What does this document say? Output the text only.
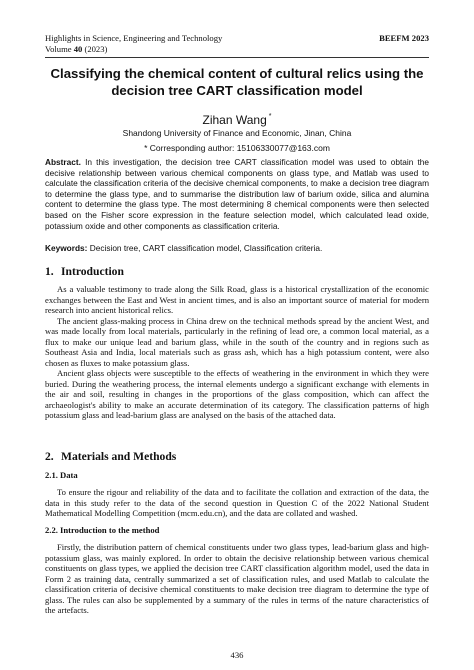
Highlights in Science, Engineering and Technology	BEEFM 2023
Volume 40 (2023)
Classifying the chemical content of cultural relics using the
decision tree CART classification model
Zihan Wang *
Shandong University of Finance and Economic, Jinan, China
* Corresponding author: 15106330077@163.com
Abstract. In this investigation, the decision tree CART classification model was used to obtain the decisive relationship between various chemical components on glass type, and Matlab was used to calculate the classification criteria of the decisive chemical components, to make a decision tree diagram to determine the glass type, and to summarise the distribution law of barium oxide, silica and alumina content to determine the glass type. The most determining 8 chemical components were then selected based on the Fisher score expression in the feature selection model, which calculated lead oxide, potassium oxide and other components as classification criteria.
Keywords: Decision tree, CART classification model, Classification criteria.
1. Introduction

As a valuable testimony to trade along the Silk Road, glass is a historical crystallization of the economic exchanges between the East and West in ancient times, and is also an important source of material for modern research into ancient historical relics.

The ancient glass-making process in China drew on the technical methods spread by the ancient West, and was made locally from local materials, particularly in the refining of lead ore, a common local material, as a flux to make our unique lead and barium glass, while in the south of the country and in regions such as Southeast Asia and India, local materials such as grass ash, which has a high potassium content, were also chosen as fluxes to make potassium glass.

Ancient glass objects were susceptible to the effects of weathering in the environment in which they were buried. During the weathering process, the internal elements undergo a significant exchange with elements in the air and soil, resulting in changes in the proportions of the glass composition, which can affect the archaeologist's ability to make an accurate determination of its category. The classification patterns of high potassium glass and lead-barium glass are analysed on the basis of the attached data.

2. Materials and Methods
2.1. Data

To ensure the rigour and reliability of the data and to facilitate the collation and extraction of the data, the data in this study refer to the data of the second question in Question C of the 2022 National Student Mathematical Modelling Competition (mcm.edu.cn), and the data are collated and washed.

2.2. Introduction to the method

Firstly, the distribution pattern of chemical constituents under two glass types, lead-barium glass and high-potassium glass, was mainly explored. In order to obtain the decisive relationship between various chemical constituents on glass types, we applied the decision tree CART classification algorithm model, used the data in Form 2 as training data, centrally summarized a set of classification rules, and used Matlab to calculate the classification criteria of decisive chemical constituents to make decision tree diagram to determine the type of glass. The rules can also be supplemented by a summary of the rules in terms of the nature characteristics of the artefacts.

436
